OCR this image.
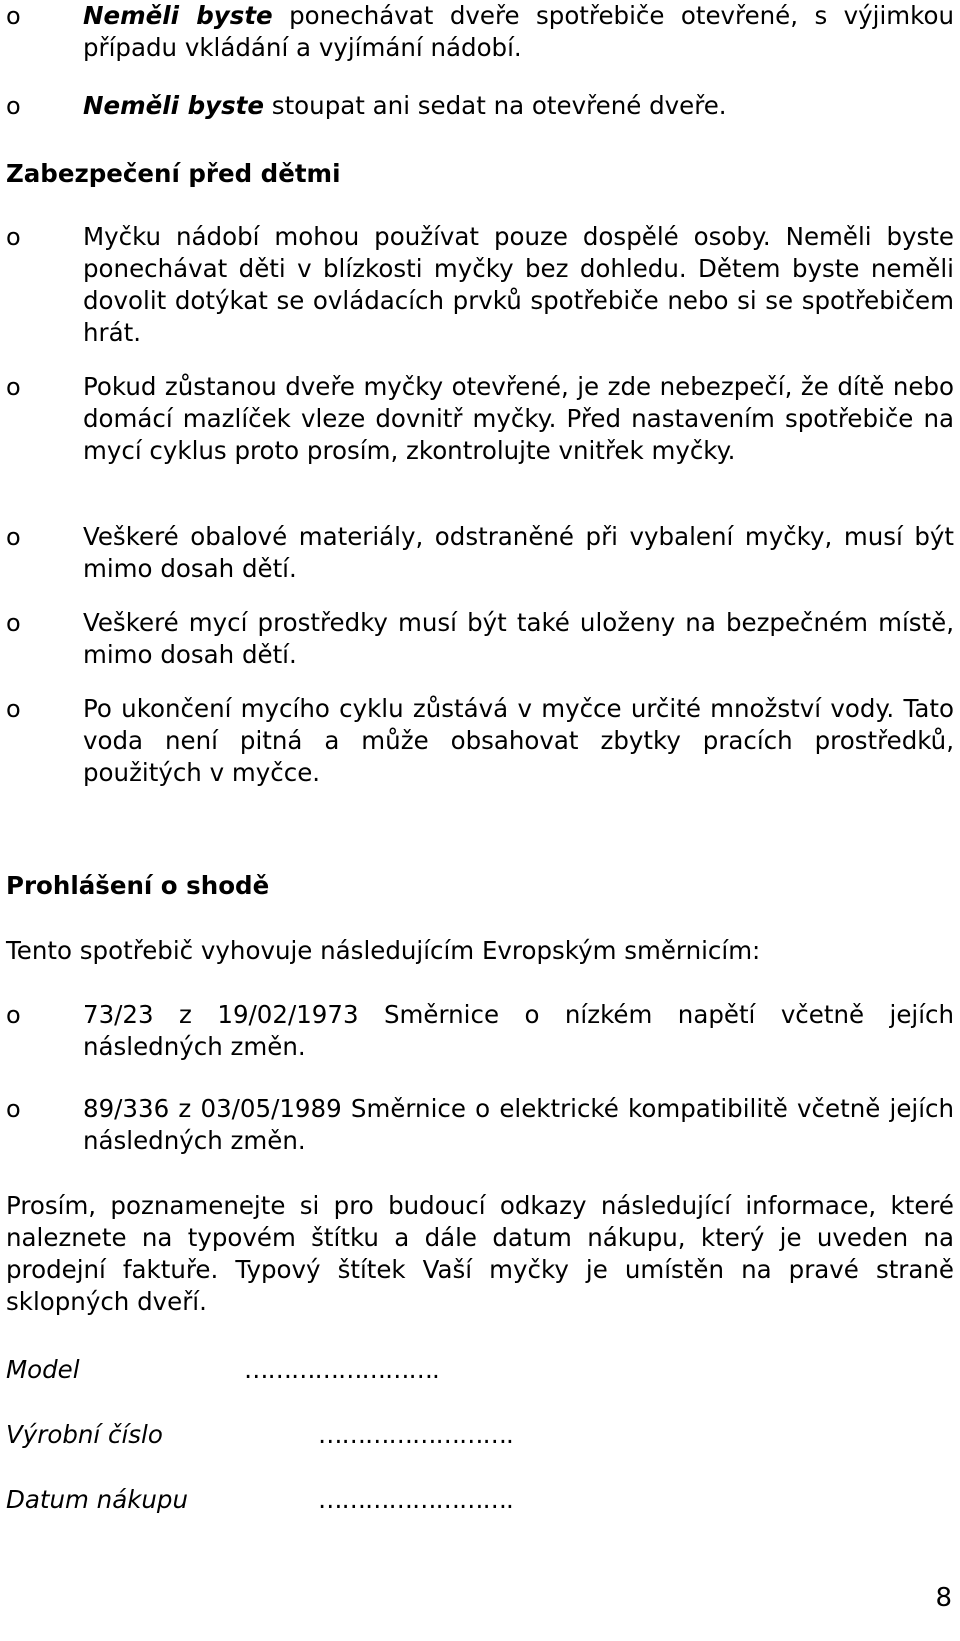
o	Neměli byste ponechávat dveře spotřebiče otevřené, s výjimkou případu vkládání a vyjímání nádobí.
o	Neměli byste stoupat ani sedat na otevřené dveře.
Zabezpečení před dětmi
o	Myčku nádobí mohou používat pouze dospělé osoby. Neměli byste ponechávat děti v blízkosti myčky bez dohledu. Dětem byste neměli dovolit dotýkat se ovládacích prvků spotřebiče nebo si se spotřebičem hrát.
o	Pokud zůstanou dveře myčky otevřené, je zde nebezpečí, že dítě nebo domácí mazlíček vleze dovnitř myčky. Před nastavením spotřebiče na mycí cyklus proto prosím, zkontrolujte vnitřek myčky.
o	Veškeré obalové materiály, odstraněné při vybalení myčky, musí být mimo dosah dětí.
o	Veškeré mycí prostředky musí být také uloženy na bezpečném místě, mimo dosah dětí.
o	Po ukončení mycího cyklu zůstává v myčce určité množství vody. Tato voda není pitná a může obsahovat zbytky pracích prostředků, použitých v myčce.
Prohlášení o shodě
Tento spotřebič vyhovuje následujícím Evropským směrnicím:
o	73/23 z 19/02/1973 Směrnice o nízkém napětí včetně jejích následných změn.
o	89/336 z 03/05/1989 Směrnice o elektrické kompatibilitě včetně jejích následných změn.
Prosím, poznamenejte si pro budoucí odkazy následující informace, které naleznete na typovém štítku a dále datum nákupu, který je uveden na prodejní faktuře. Typový štítek Vaší myčky je umístěn na pravé straně sklopných dveří.
Model	…………………….
Výrobní číslo	…………………….
Datum nákupu	…………………….
8
